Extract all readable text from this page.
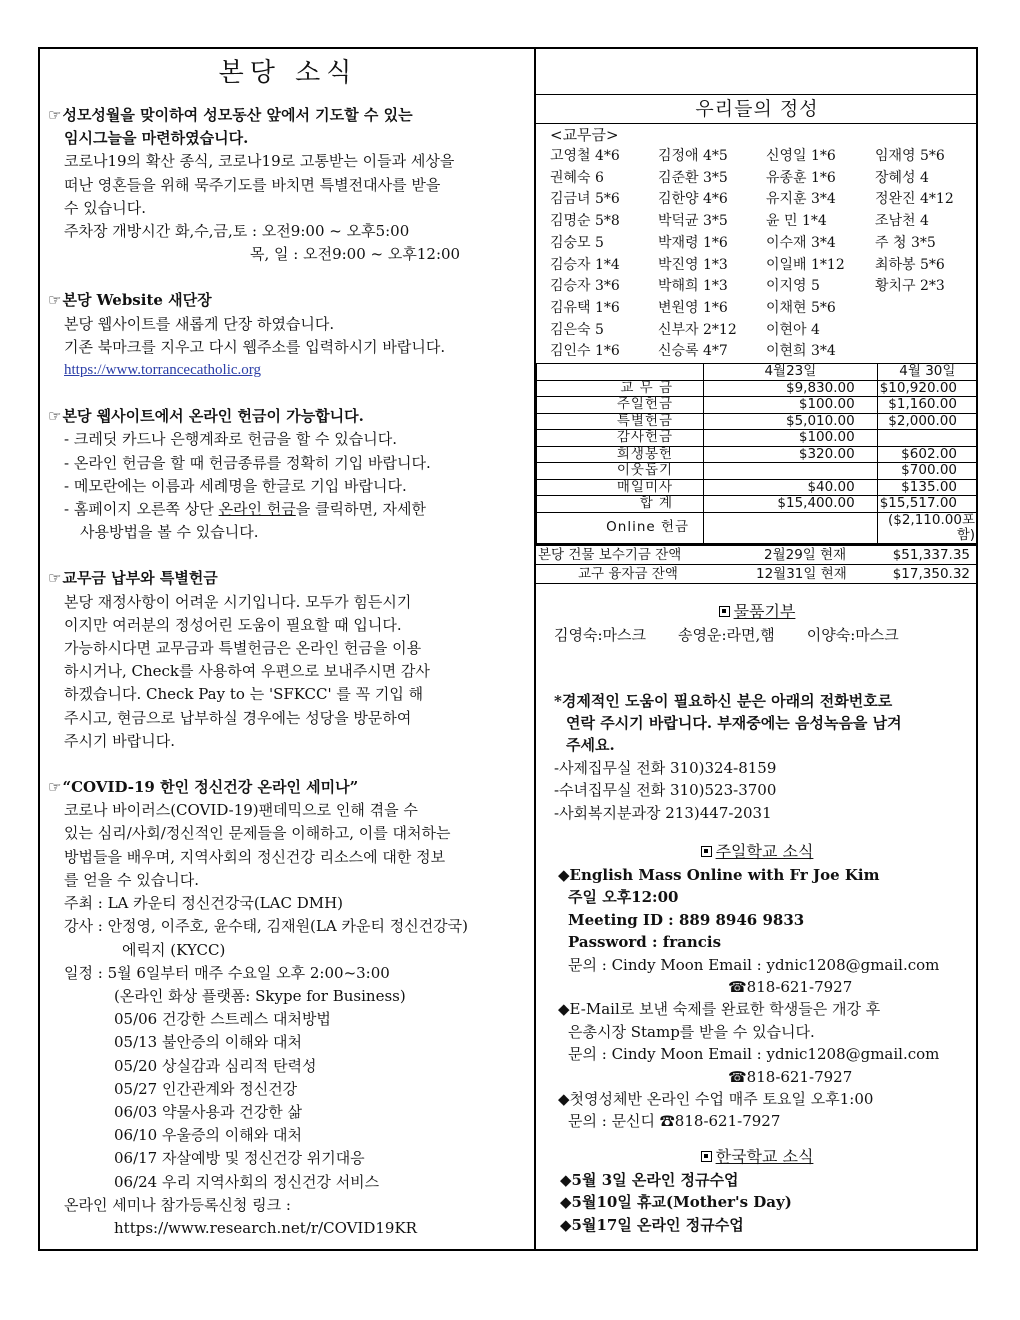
본당 소식
☞성모성월을 맞이하여 성모동산 앞에서 기도할 수 있는
임시그늘을 마련하였습니다.
코로나19의 확산 종식, 코로나19로 고통받는 이들과 세상을
떠난 영혼들을 위해 묵주기도를 바치면 특별전대사를 받을
수 있습니다.
주차장 개방시간 화,수,금,토 : 오전9:00 ~ 오후5:00
목, 일 : 오전9:00 ~ 오후12:00
☞본당 Website 새단장
본당 웹사이트를 새롭게 단장 하였습니다.
기존 북마크를 지우고 다시 웹주소를 입력하시기 바랍니다.
https://www.torrancecatholic.org
☞본당 웹사이트에서 온라인 헌금이 가능합니다.
- 크레딧 카드나 은행계좌로 헌금을 할 수 있습니다.
- 온라인 헌금을 할 때 헌금종류를 정확히 기입 바랍니다.
- 메모란에는 이름과 세례명을 한글로 기입 바랍니다.
- 홈페이지 오른쪽 상단 온라인 헌금을 클릭하면, 자세한
사용방법을 볼 수 있습니다.
☞교무금 납부와 특별헌금
본당 재정사항이 어려운 시기입니다. 모두가 힘든시기
이지만 여러분의 정성어린 도움이 필요할 때 입니다.
가능하시다면 교무금과 특별헌금은 온라인 헌금을 이용
하시거나, Check를 사용하여 우편으로 보내주시면 감사
하겠습니다. Check Pay to 는 'SFKCC' 를 꼭 기입 해
주시고, 현금으로 납부하실 경우에는 성당을 방문하여
주시기 바랍니다.
☞“COVID-19 한인 정신건강 온라인 세미나”
코로나 바이러스(COVID-19)팬데믹으로 인해 겪을 수
있는 심리/사회/정신적인 문제들을 이해하고, 이를 대처하는
방법들을 배우며, 지역사회의 정신건강 리소스에 대한 정보
를 얻을 수 있습니다.
주최 : LA 카운티 정신건강국(LAC DMH)
강사 : 안정영, 이주호, 윤수태, 김재원(LA 카운티 정신건강국)
에릭지 (KYCC)
일정 : 5월 6일부터 매주 수요일 오후 2:00~3:00
(온라인 화상 플랫폼: Skype for Business)
05/06 건강한 스트레스 대처방법
05/13 불안증의 이해와 대처
05/20 상실감과 심리적 탄력성
05/27 인간관계와 정신건강
06/03 약물사용과 건강한 삶
06/10 우울증의 이해와 대처
06/17 자살예방 및 정신건강 위기대응
06/24 우리 지역사회의 정신건강 서비스
온라인 세미나 참가등록신청 링크 :
https://www.research.net/r/COVID19KR
우리들의 정성
<교무금>
고영철 4*6	김정애 4*5	신영일 1*6	임재영 5*6
권혜숙 6	김준환 3*5	유종훈 1*6	장혜성 4
김금녀 5*6	김한양 4*6	유지훈 3*4	정완진 4*12
김명순 5*8	박덕균 3*5	윤 민 1*4	조남천 4
김숭모 5	박재령 1*6	이수재 3*4	주 청 3*5
김승자 1*4	박진영 1*3	이일배 1*12	최하봉 5*6
김승자 3*6	박해희 1*3	이지영 5	황치구 2*3
김유택 1*6	변원영 1*6	이채현 5*6
김은숙 5	신부자 2*12	이현아 4
김인수 1*6	신승록 4*7	이현희 3*4
	4월23일	4월 30일
교 무 금	$9,830.00	$10,920.00
주일헌금	$100.00	$1,160.00
특별헌금	$5,010.00	$2,000.00
감사헌금	$100.00	
희생봉헌	$320.00	$602.00
이웃돕기		$700.00
매일미사	$40.00	$135.00
합 계	$15,400.00	$15,517.00
Online 헌금		($2,110.00포함)
본당 건물 보수기금 잔액	2월29일 현재	$51,337.35
교구 융자금 잔액	12월31일 현재	$17,350.32
물품기부
김영숙:마스크 송영운:라면,햄 이양숙:마스크
*경제적인 도움이 필요하신 분은 아래의 전화번호로
연락 주시기 바랍니다. 부재중에는 음성녹음을 남겨
주세요.
-사제집무실 전화 310)324-8159
-수녀집무실 전화 310)523-3700
-사회복지분과장 213)447-2031
주일학교 소식
◆English Mass Online with Fr Joe Kim
주일 오후12:00
Meeting ID : 889 8946 9833
Password : francis
문의 : Cindy Moon Email : ydnic1208@gmail.com
☎818-621-7927
◆E-Mail로 보낸 숙제를 완료한 학생들은 개강 후
은총시장 Stamp를 받을 수 있습니다.
문의 : Cindy Moon Email : ydnic1208@gmail.com
☎818-621-7927
◆첫영성체반 온라인 수업 매주 토요일 오후1:00
문의 : 문신디 ☎818-621-7927
한국학교 소식
◆5월 3일 온라인 정규수업
◆5월10일 휴교(Mother's Day)
◆5월17일 온라인 정규수업
